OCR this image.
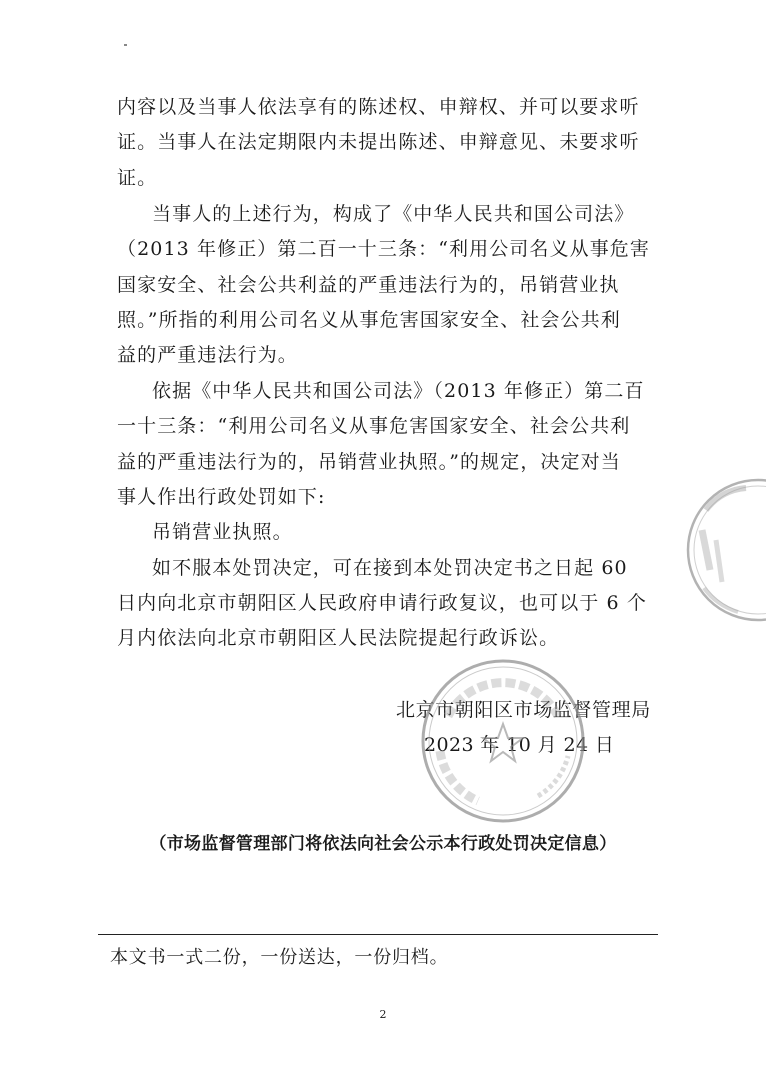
内容以及当事人依法享有的陈述权、申辩权、并可以要求听
证。当事人在法定期限内未提出陈述、申辩意见、未要求听
证。
当事人的上述行为，构成了《中华人民共和国公司法》
（2013 年修正）第二百一十三条：“利用公司名义从事危害
国家安全、社会公共利益的严重违法行为的，吊销营业执
照。”所指的利用公司名义从事危害国家安全、社会公共利
益的严重违法行为。
依据《中华人民共和国公司法》（2013 年修正）第二百
一十三条：“利用公司名义从事危害国家安全、社会公共利
益的严重违法行为的，吊销营业执照。”的规定，决定对当
事人作出行政处罚如下:
吊销营业执照。
如不服本处罚决定，可在接到本处罚决定书之日起 60
日内向北京市朝阳区人民政府申请行政复议，也可以于 6 个
月内依法向北京市朝阳区人民法院提起行政诉讼。
北京市朝阳区市场监督管理局
2023 年 10 月 24 日
（市场监督管理部门将依法向社会公示本行政处罚决定信息）
本文书一式二份，一份送达，一份归档。
2
